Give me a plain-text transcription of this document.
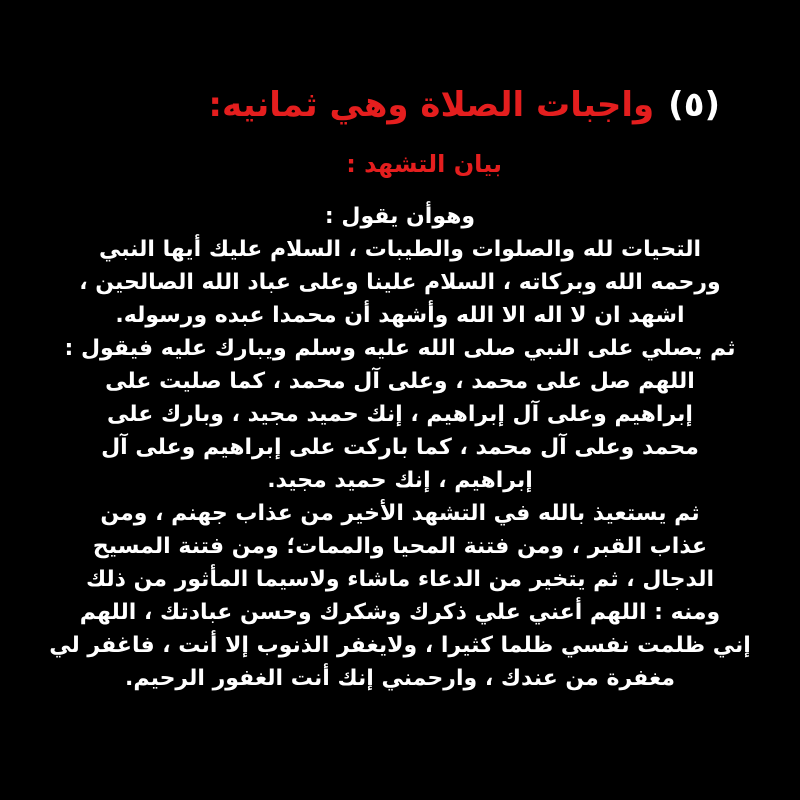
(٥)
واجبات الصلاة وهي ثمانيه:
بيان التشهد :
وهوأن يقول :
التحيات لله والصلوات والطيبات ، السلام عليك أيها النبي
ورحمه الله وبركاته ، السلام علينا وعلى عباد الله الصالحين ،
اشهد ان لا اله الا الله وأشهد أن محمدا عبده ورسوله.
ثم يصلي على النبي صلى الله عليه وسلم ويبارك عليه فيقول :
اللهم صل على محمد ، وعلى آل محمد ، كما صليت على
إبراهيم وعلى آل إبراهيم ، إنك حميد مجيد ، وبارك على
محمد وعلى آل محمد ، كما باركت على إبراهيم وعلى آل
إبراهيم ، إنك حميد مجيد.
ثم يستعيذ بالله في التشهد الأخير من عذاب جهنم ، ومن
عذاب القبر ، ومن فتنة المحيا والممات؛ ومن فتنة المسيح
الدجال ، ثم يتخير من الدعاء ماشاء ولاسيما المأثور من ذلك
ومنه : اللهم أعني علي ذكرك وشكرك وحسن عبادتك ، اللهم
إني ظلمت نفسي ظلما كثيرا ، ولايغفر الذنوب إلا أنت ، فاغفر لي
مغفرة من عندك ، وارحمني إنك أنت الغفور الرحيم.
